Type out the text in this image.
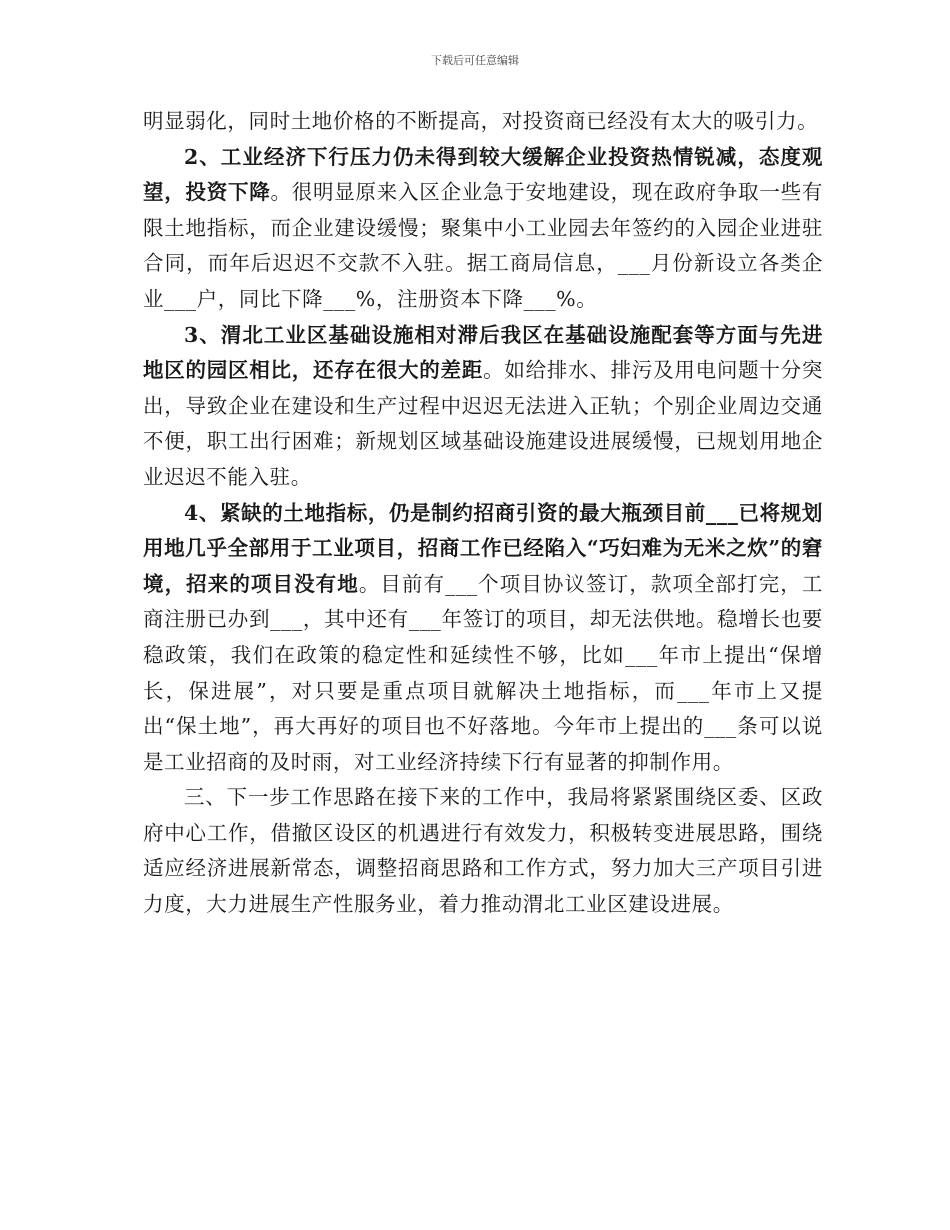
下载后可任意编辑

明显弱化，同时土地价格的不断提高，对投资商已经没有太大的吸引力。

2、工业经济下行压力仍未得到较大缓解企业投资热情锐减，态度观望，投资下降。很明显原来入区企业急于安地建设，现在政府争取一些有限土地指标，而企业建设缓慢；聚集中小工业园去年签约的入园企业进驻合同，而年后迟迟不交款不入驻。据工商局信息，___月份新设立各类企业___户，同比下降___%，注册资本下降___%。

3、渭北工业区基础设施相对滞后我区在基础设施配套等方面与先进地区的园区相比，还存在很大的差距。如给排水、排污及用电问题十分突出，导致企业在建设和生产过程中迟迟无法进入正轨；个别企业周边交通不便，职工出行困难；新规划区域基础设施建设进展缓慢，已规划用地企业迟迟不能入驻。

4、紧缺的土地指标，仍是制约招商引资的最大瓶颈目前___已将规划用地几乎全部用于工业项目，招商工作已经陷入“巧妇难为无米之炊”的窘境，招来的项目没有地。目前有___个项目协议签订，款项全部打完，工商注册已办到___，其中还有___年签订的项目，却无法供地。稳增长也要稳政策，我们在政策的稳定性和延续性不够，比如___年市上提出“保增长，保进展”，对只要是重点项目就解决土地指标，而___年市上又提出“保土地”，再大再好的项目也不好落地。今年市上提出的___条可以说是工业招商的及时雨，对工业经济持续下行有显著的抑制作用。

三、下一步工作思路在接下来的工作中，我局将紧紧围绕区委、区政府中心工作，借撤区设区的机遇进行有效发力，积极转变进展思路，围绕适应经济进展新常态，调整招商思路和工作方式，努力加大三产项目引进力度，大力进展生产性服务业，着力推动渭北工业区建设进展。
